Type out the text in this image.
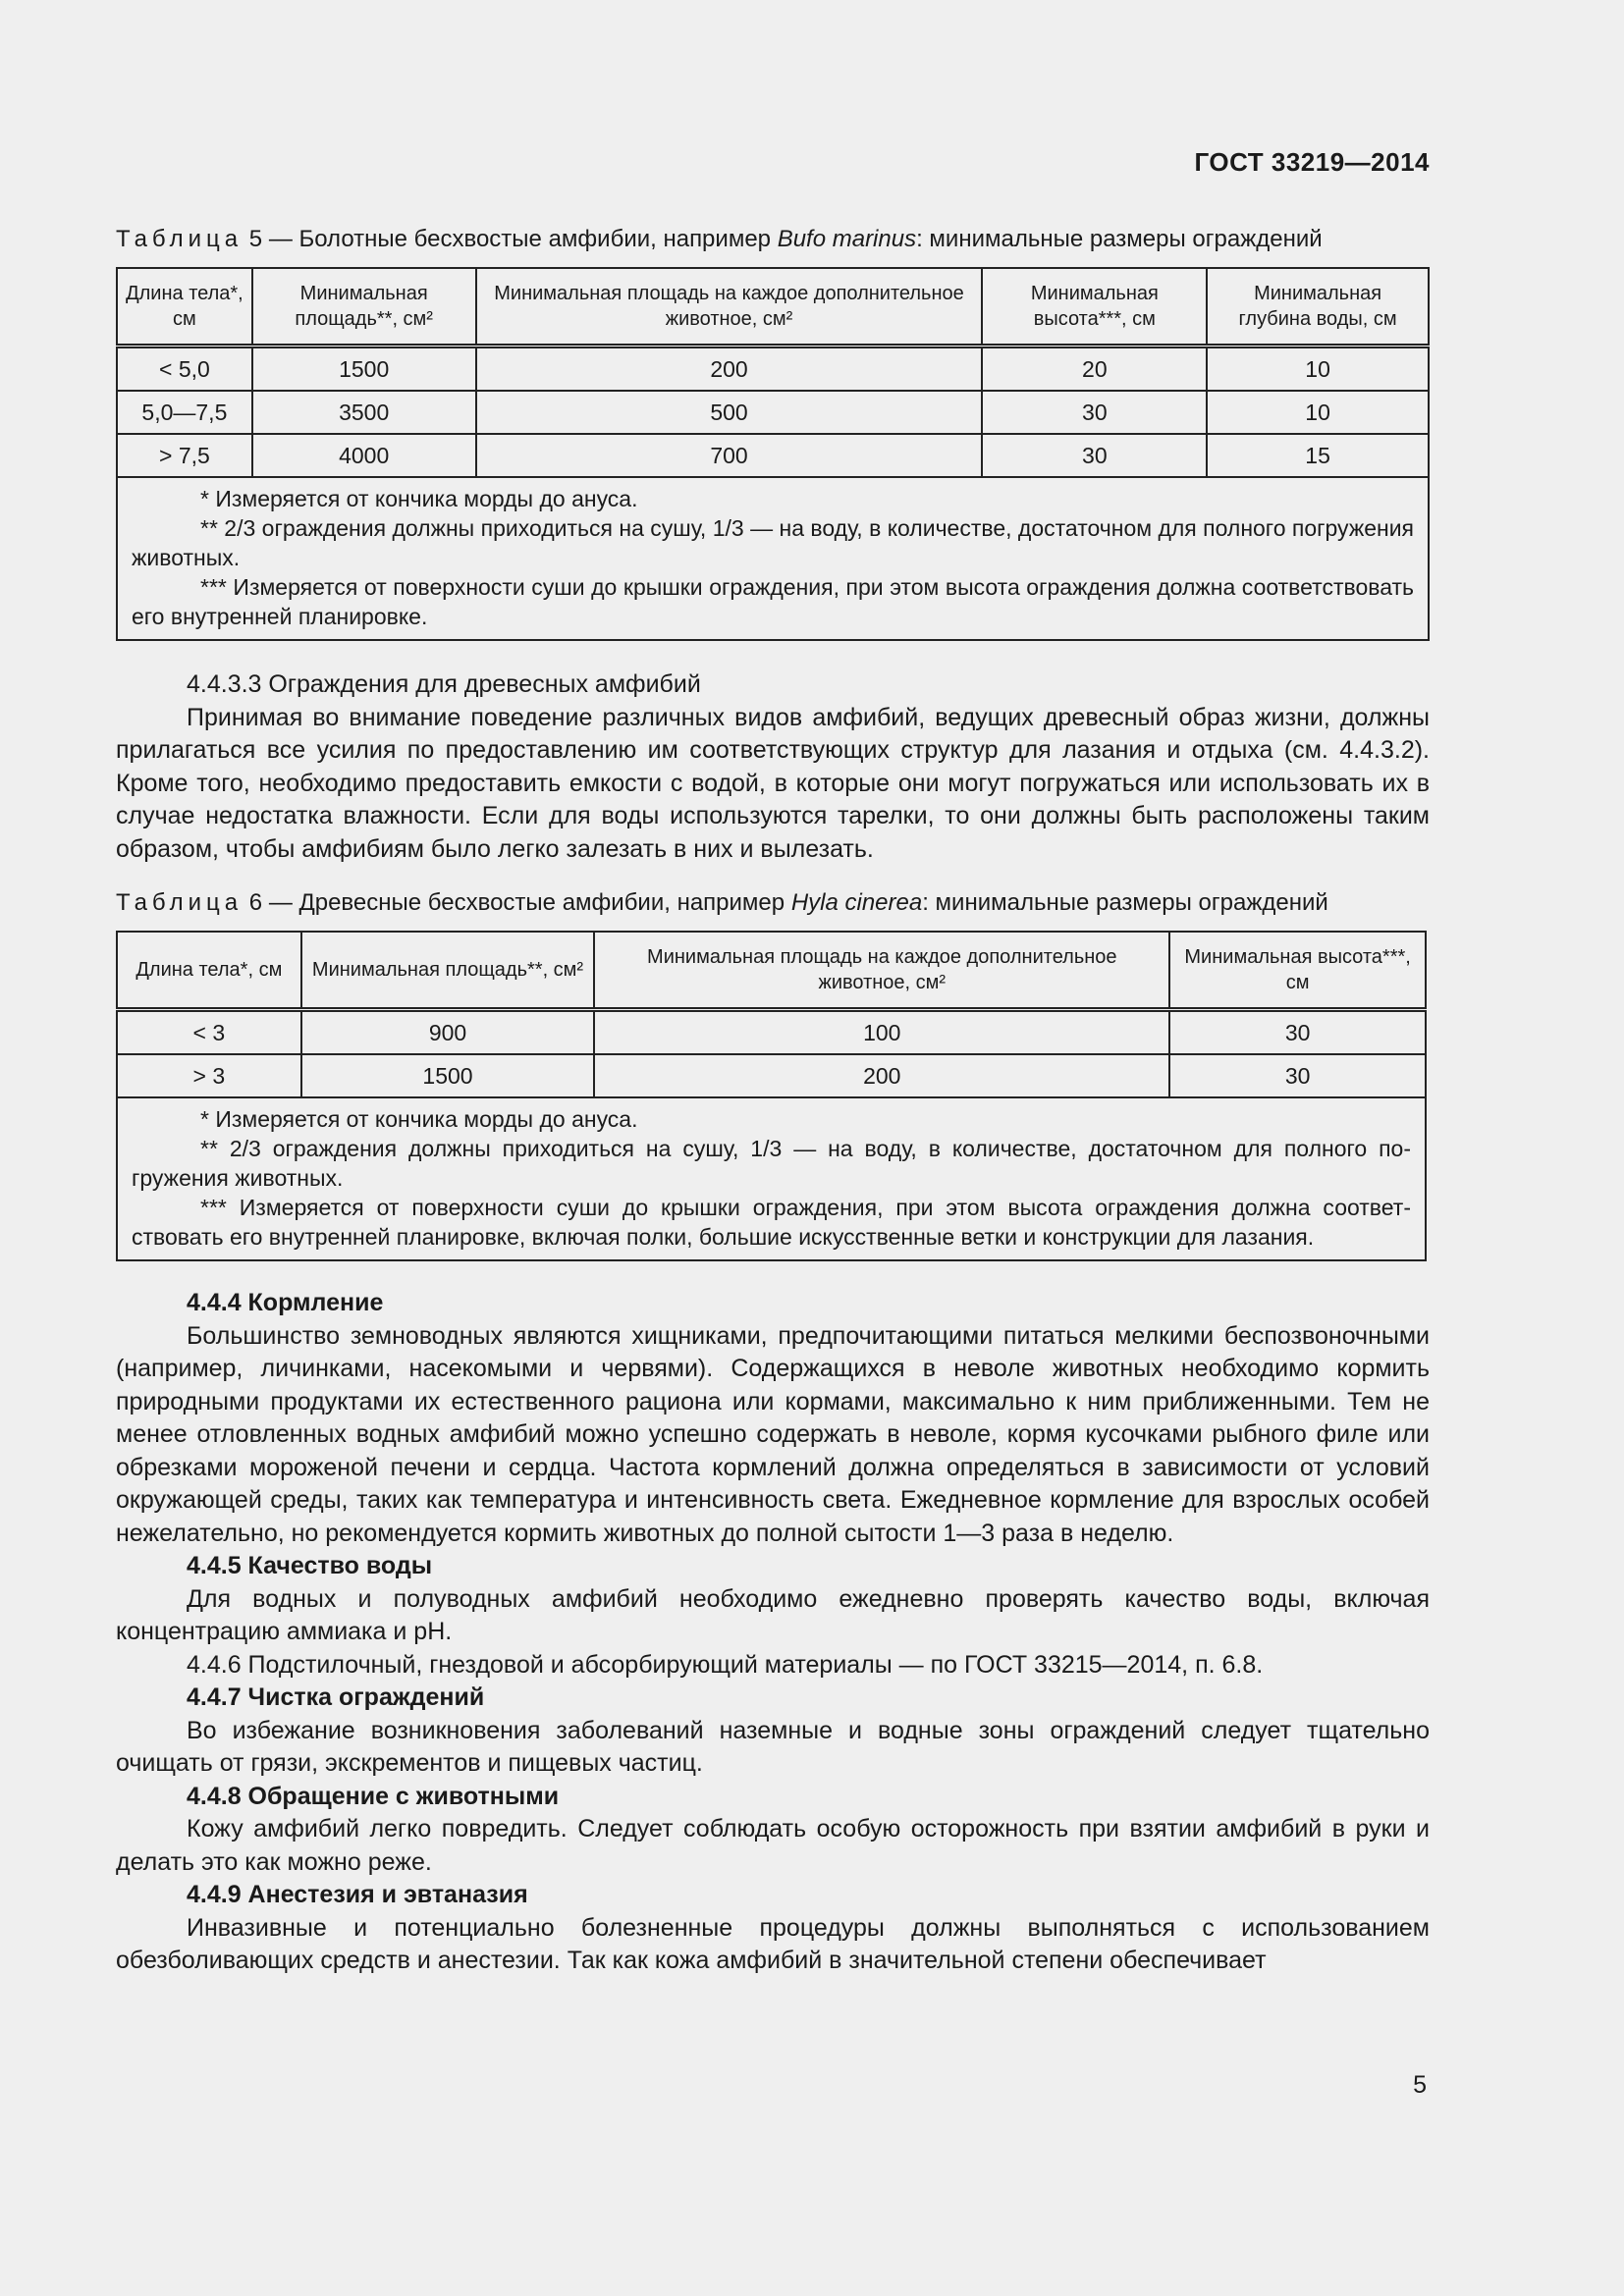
ГОСТ 33219—2014

Таблица 5 — Болотные бесхвостые амфибии, например Bufo marinus: минимальные размеры ограждений

Длина тела*, см	Минимальная площадь**, см²	Минимальная площадь на каждое дополнительное животное, см²	Минимальная высота***, см	Минимальная глубина воды, см
< 5,0	1500	200	20	10
5,0—7,5	3500	500	30	10
> 7,5	4000	700	30	15

* Измеряется от кончика морды до ануса.

** 2/3 ограждения должны приходиться на сушу, 1/3 — на воду, в количестве, достаточном для полного погружения животных.

*** Измеряется от поверхности суши до крышки ограждения, при этом высота ограждения должна соответствовать его внутренней планировке.				

4.4.3.3 Ограждения для древесных амфибий

Принимая во внимание поведение различных видов амфибий, ведущих древесный образ жизни, должны прилагаться все усилия по предоставлению им соответствующих структур для лазания и отдыха (см. 4.4.3.2). Кроме того, необходимо предоставить емкости с водой, в которые они могут погружаться или использовать их в случае недостатка влажности. Если для воды используются тарелки, то они должны быть расположены таким образом, чтобы амфибиям было легко залезать в них и вылезать.

Таблица 6 — Древесные бесхвостые амфибии, например Hyla cinerea: минимальные размеры ограждений

Длина тела*, см	Минимальная площадь**, см²	Минимальная площадь на каждое дополнительное животное, см²	Минимальная высота***, см
< 3	900	100	30
> 3	1500	200	30

* Измеряется от кончика морды до ануса.

** 2/3 ограждения должны приходиться на сушу, 1/3 — на воду, в количестве, достаточном для полного погружения животных.

*** Измеряется от поверхности суши до крышки ограждения, при этом высота ограждения должна соответствовать его внутренней планировке, включая полки, большие искусственные ветки и конструкции для лазания.			

4.4.4 Кормление

Большинство земноводных являются хищниками, предпочитающими питаться мелкими беспозвоночными (например, личинками, насекомыми и червями). Содержащихся в неволе животных необходимо кормить природными продуктами их естественного рациона или кормами, максимально к ним приближенными. Тем не менее отловленных водных амфибий можно успешно содержать в неволе, кормя кусочками рыбного филе или обрезками мороженой печени и сердца. Частота кормлений должна определяться в зависимости от условий окружающей среды, таких как температура и интенсивность света. Ежедневное кормление для взрослых особей нежелательно, но рекомендуется кормить животных до полной сытости 1—3 раза в неделю.

4.4.5 Качество воды

Для водных и полуводных амфибий необходимо ежедневно проверять качество воды, включая концентрацию аммиака и рН.

4.4.6 Подстилочный, гнездовой и абсорбирующий материалы — по ГОСТ 33215—2014, п. 6.8.

4.4.7 Чистка ограждений

Во избежание возникновения заболеваний наземные и водные зоны ограждений следует тщательно очищать от грязи, экскрементов и пищевых частиц.

4.4.8 Обращение с животными

Кожу амфибий легко повредить. Следует соблюдать особую осторожность при взятии амфибий в руки и делать это как можно реже.

4.4.9 Анестезия и эвтаназия

Инвазивные и потенциально болезненные процедуры должны выполняться с использованием обезболивающих средств и анестезии. Так как кожа амфибий в значительной степени обеспечивает

5
